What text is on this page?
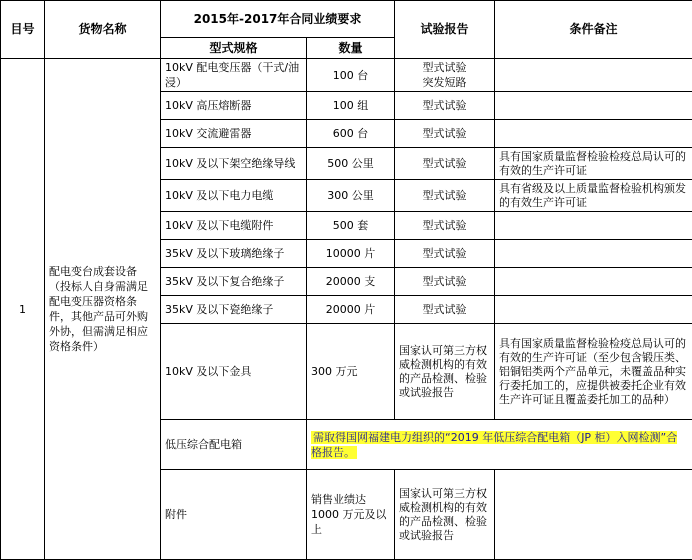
目号	货物名称	2015年-2017年合同业绩要求		试验报告	条件备注
		型式规格	数量		
1	配电变台成套设备（投标人自身需满足配电变压器资格条件，其他产品可外购外协，但需满足相应资格条件）	10kV 配电变压器（干式/油浸）	100 台	型式试验
突发短路	
		10kV 高压熔断器	100 组	型式试验	
		10kV 交流避雷器	600 台	型式试验	
		10kV 及以下架空绝缘导线	500 公里	型式试验	具有国家质量监督检验检疫总局认可的有效的生产许可证
		10kV 及以下电力电缆	300 公里	型式试验	具有省级及以上质量监督检验机构颁发的有效生产许可证
		10kV 及以下电缆附件	500 套	型式试验	
		35kV 及以下玻璃绝缘子	10000 片	型式试验	
		35kV 及以下复合绝缘子	20000 支	型式试验	
		35kV 及以下瓷绝缘子	20000 片	型式试验	
		10kV 及以下金具	300 万元	国家认可第三方权威检测机构的有效的产品检测、检验或试验报告	具有国家质量监督检验检疫总局认可的有效的生产许可证（至少包含锻压类、铝铜铝类两个产品单元，未覆盖品种实行委托加工的，应提供被委托企业有效生产许可证且覆盖委托加工的品种）
		低压综合配电箱	需取得国网福建电力组织的“2019 年低压综合配电箱（JP 柜）入网检测”合格报告。		
		附件	销售业绩达1000 万元及以上	国家认可第三方权威检测机构的有效的产品检测、检验或试验报告	
